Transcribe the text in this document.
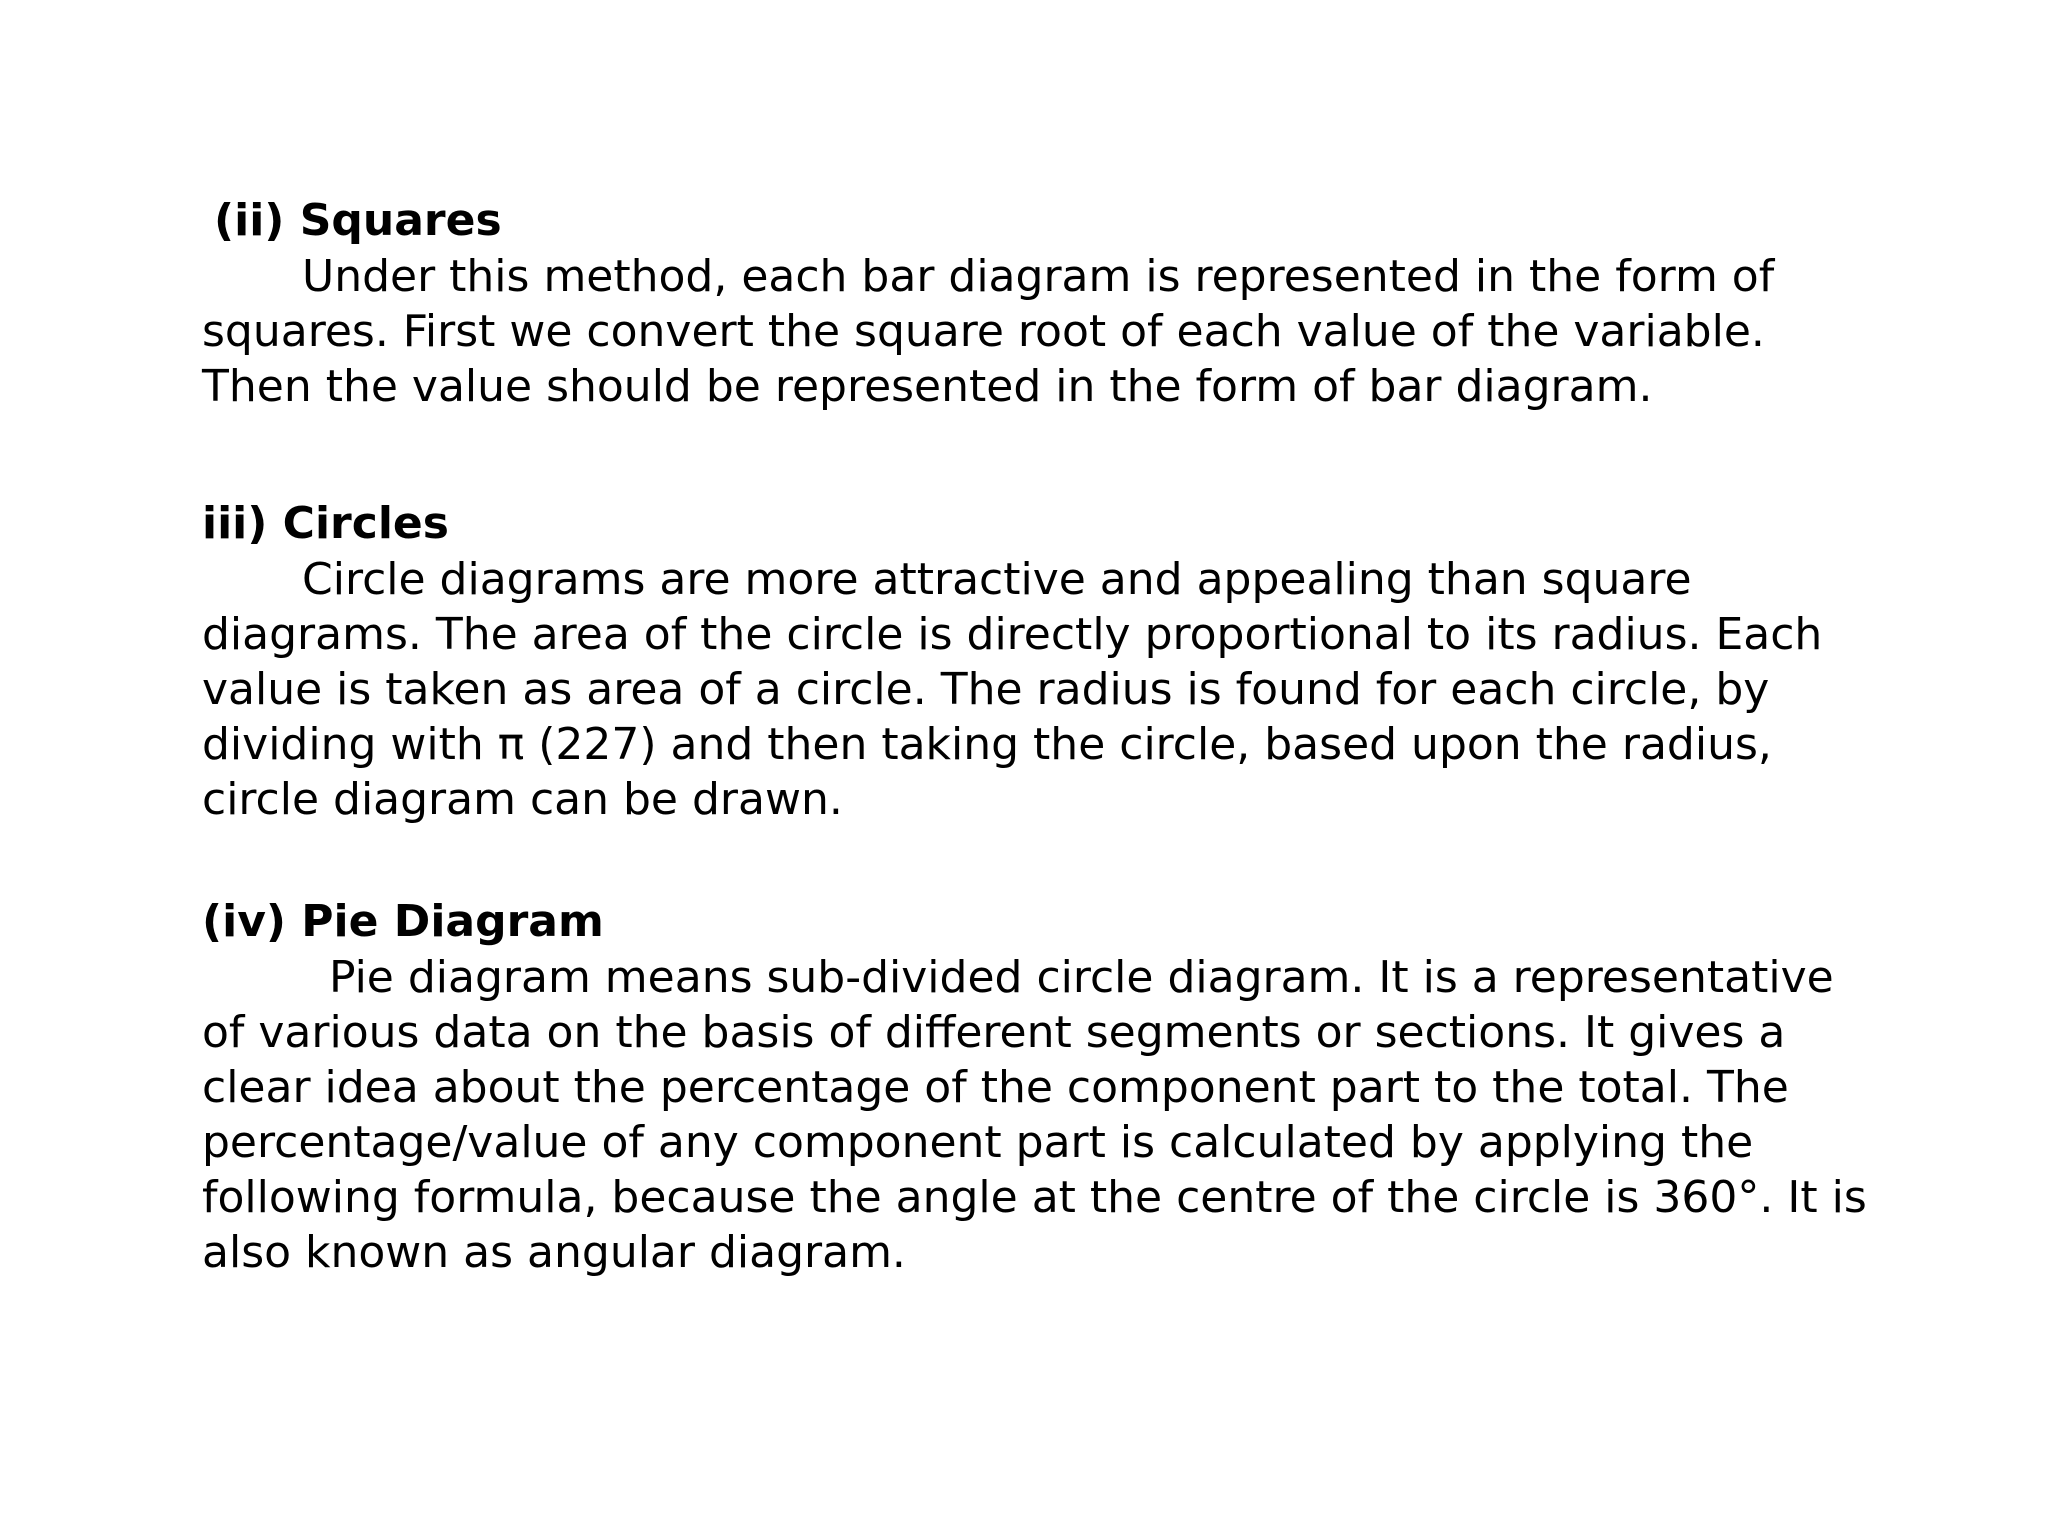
(ii) Squares

Under this method, each bar diagram is represented in the form of
squares. First we convert the square root of each value of the variable.
Then the value should be represented in the form of bar diagram.

iii) Circles

Circle diagrams are more attractive and appealing than square
diagrams. The area of the circle is directly proportional to its radius. Each
value is taken as area of a circle. The radius is found for each circle, by
dividing with π (227) and then taking the circle, based upon the radius,
circle diagram can be drawn.

(iv) Pie Diagram

Pie diagram means sub-divided circle diagram. It is a representative
of various data on the basis of different segments or sections. It gives a
clear idea about the percentage of the component part to the total. The
percentage/value of any component part is calculated by applying the
following formula, because the angle at the centre of the circle is 360°. It is
also known as angular diagram.
